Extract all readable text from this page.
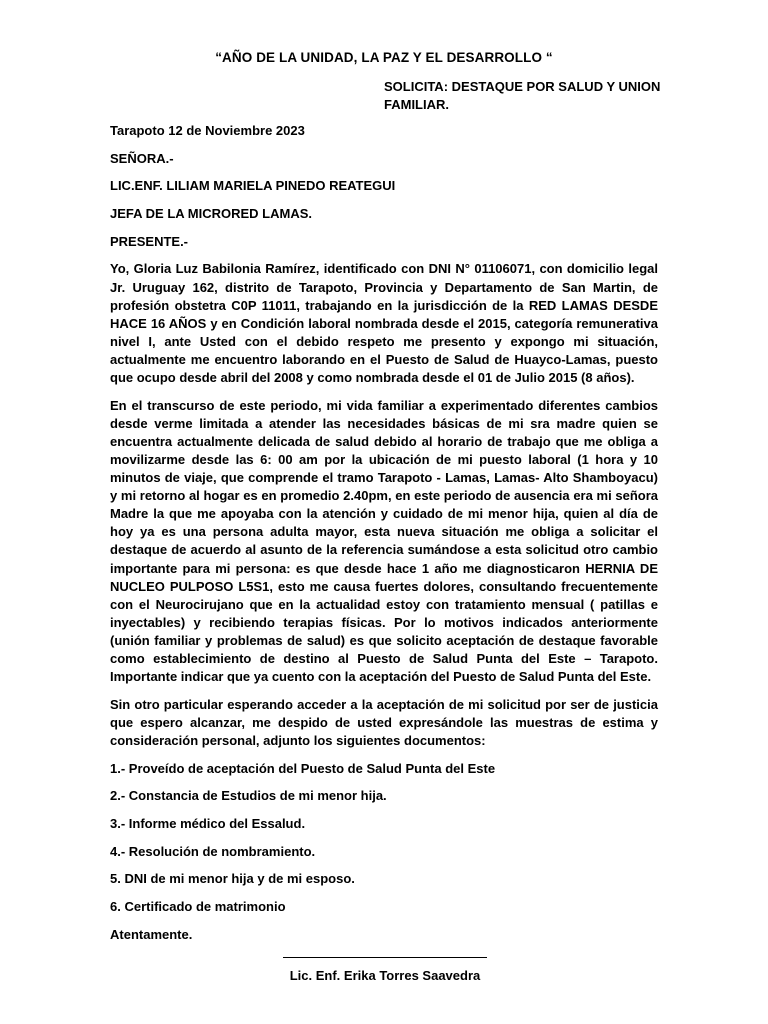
“AÑO DE LA UNIDAD, LA PAZ Y EL DESARROLLO “
SOLICITA: DESTAQUE POR SALUD Y UNION
FAMILIAR.

Tarapoto 12 de Noviembre 2023

SEÑORA.-

LIC.ENF. LILIAM MARIELA PINEDO REATEGUI

JEFA DE LA MICRORED LAMAS.

PRESENTE.-

Yo, Gloria Luz Babilonia Ramírez, identificado con DNI N° 01106071, con domicilio legal Jr. Uruguay 162, distrito de Tarapoto, Provincia y Departamento de San Martin, de profesión obstetra C0P 11011, trabajando en la jurisdicción de la RED LAMAS DESDE HACE 16 AÑOS y en Condición laboral nombrada desde el 2015, categoría remunerativa nivel I, ante Usted con el debido respeto me presento y expongo mi situación, actualmente me encuentro laborando en el Puesto de Salud de Huayco-Lamas, puesto que ocupo desde abril del 2008 y como nombrada desde el 01 de Julio 2015 (8 años).

En el transcurso de este periodo, mi vida familiar a experimentado diferentes cambios desde verme limitada a atender las necesidades básicas de mi sra madre quien se encuentra actualmente delicada de salud debido al horario de trabajo que me obliga a movilizarme desde las 6: 00 am por la ubicación de mi puesto laboral (1 hora y 10 minutos de viaje, que comprende el tramo Tarapoto - Lamas, Lamas- Alto Shamboyacu) y mi retorno al hogar es en promedio 2.40pm, en este periodo de ausencia era mi señora Madre la que me apoyaba con la atención y cuidado de mi menor hija, quien al día de hoy ya es una persona adulta mayor, esta nueva situación me obliga a solicitar el destaque de acuerdo al asunto de la referencia sumándose a esta solicitud otro cambio importante para mi persona: es que desde hace 1 año me diagnosticaron HERNIA DE NUCLEO PULPOSO L5S1, esto me causa fuertes dolores, consultando frecuentemente con el Neurocirujano que en la actualidad estoy con tratamiento mensual ( patillas e inyectables) y recibiendo terapias físicas. Por lo motivos indicados anteriormente (unión familiar y problemas de salud) es que solicito aceptación de destaque favorable como establecimiento de destino al Puesto de Salud Punta del Este – Tarapoto. Importante indicar que ya cuento con la aceptación del Puesto de Salud Punta del Este.

Sin otro particular esperando acceder a la aceptación de mi solicitud por ser de justicia que espero alcanzar, me despido de usted expresándole las muestras de estima y consideración personal, adjunto los siguientes documentos:

1.- Proveído de aceptación del Puesto de Salud Punta del Este

2.- Constancia de Estudios de mi menor hija.

3.- Informe médico del Essalud.

4.- Resolución de nombramiento.

5. DNI de mi menor hija y de mi esposo.

6. Certificado de matrimonio

Atentamente.

Lic. Enf. Erika Torres Saavedra
